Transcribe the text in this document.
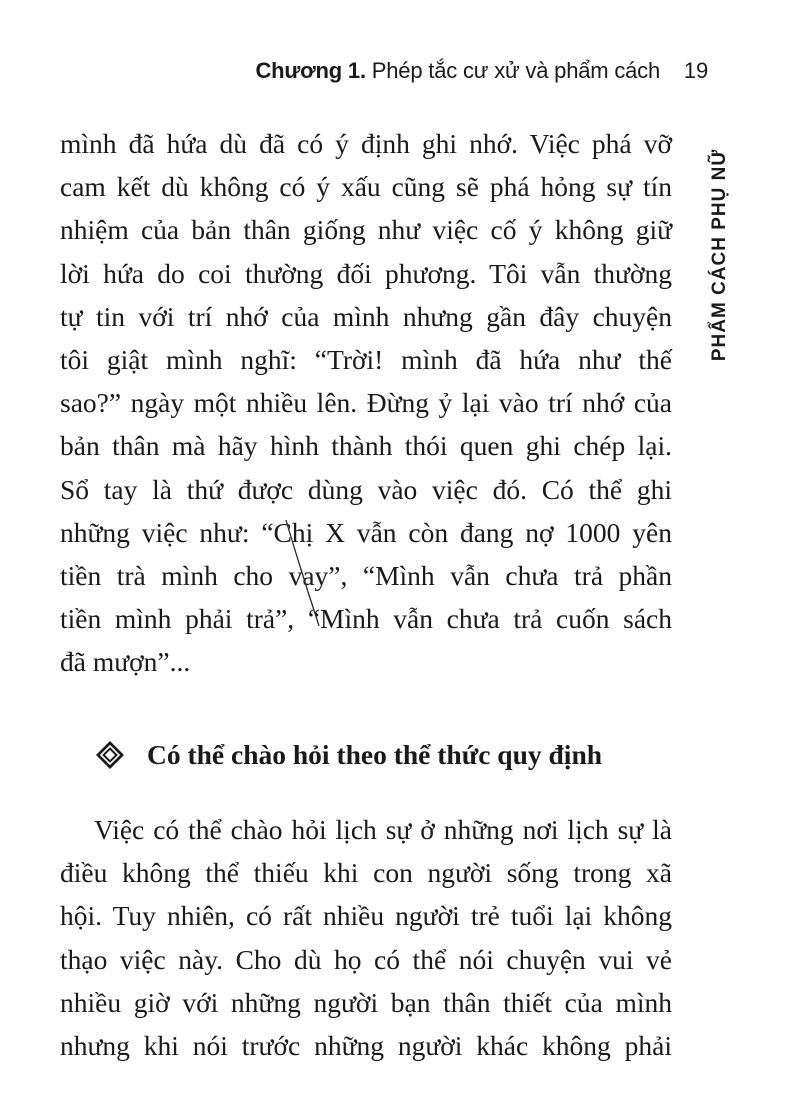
Chương 1. Phép tắc cư xử và phẩm cách 19
PHẨM CÁCH PHỤ NỮ
mình đã hứa dù đã có ý định ghi nhớ. Việc phá vỡ
cam kết dù không có ý xấu cũng sẽ phá hỏng sự tín
nhiệm của bản thân giống như việc cố ý không giữ
lời hứa do coi thường đối phương. Tôi vẫn thường
tự tin với trí nhớ của mình nhưng gần đây chuyện
tôi giật mình nghĩ: “Trời! mình đã hứa như thế
sao?” ngày một nhiều lên. Đừng ỷ lại vào trí nhớ của
bản thân mà hãy hình thành thói quen ghi chép lại.
Sổ tay là thứ được dùng vào việc đó. Có thể ghi
những việc như: “Chị X vẫn còn đang nợ 1000 yên
tiền trà mình cho vay”, “Mình vẫn chưa trả phần
tiền mình phải trả”, “Mình vẫn chưa trả cuốn sách
đã mượn”...
Có thể chào hỏi theo thể thức quy định
Việc có thể chào hỏi lịch sự ở những nơi lịch sự là
điều không thể thiếu khi con người sống trong xã
hội. Tuy nhiên, có rất nhiều người trẻ tuổi lại không
thạo việc này. Cho dù họ có thể nói chuyện vui vẻ
nhiều giờ với những người bạn thân thiết của mình
nhưng khi nói trước những người khác không phải
